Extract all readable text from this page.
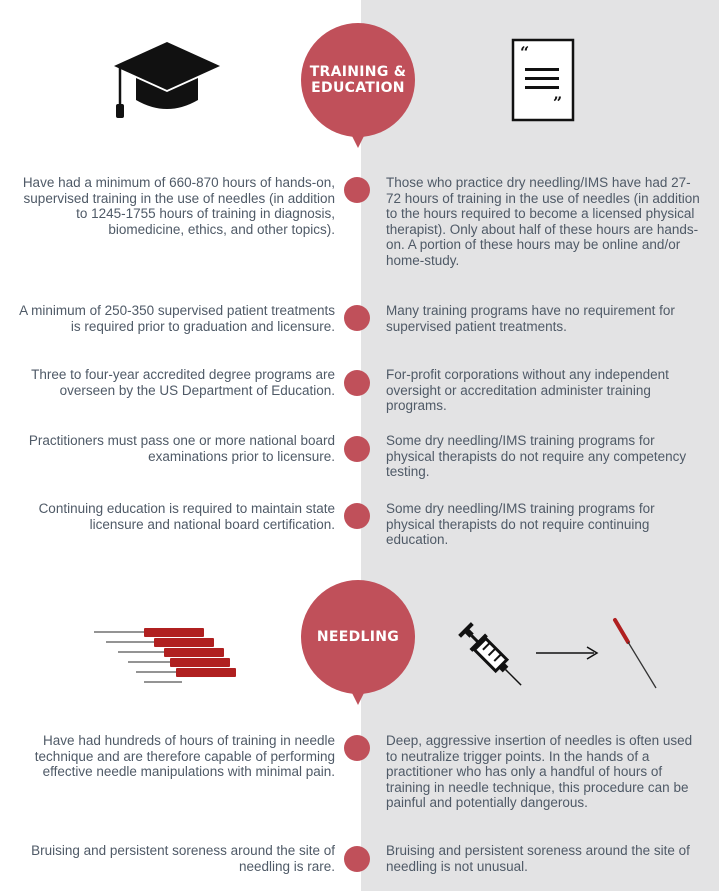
TRAINING & EDUCATION
“
”
Have had a minimum of 660-870 hours of hands-on, supervised training in the use of needles (in addition to 1245-1755 hours of training in diagnosis, biomedicine, ethics, and other topics).
Those who practice dry needling/IMS have had 27-72 hours of training in the use of needles (in addition to the hours required to become a licensed physical therapist). Only about half of these hours are hands-on. A portion of these hours may be online and/or home-study.
A minimum of 250-350 supervised patient treatments is required prior to graduation and licensure.
Many training programs have no requirement for supervised patient treatments.
Three to four-year accredited degree programs are overseen by the US Department of Education.
For-profit corporations without any independent oversight or accreditation administer training programs.
Practitioners must pass one or more national board examinations prior to licensure.
Some dry needling/IMS training programs for physical therapists do not require any competency testing.
Continuing education is required to maintain state licensure and national board certification.
Some dry needling/IMS training programs for physical therapists do not require continuing education.
NEEDLING
Have had hundreds of hours of training in needle technique and are therefore capable of performing effective needle manipulations with minimal pain.
Deep, aggressive insertion of needles is often used to neutralize trigger points. In the hands of a practitioner who has only a handful of hours of training in needle technique, this procedure can be painful and potentially dangerous.
Bruising and persistent soreness around the site of needling is rare.
Bruising and persistent soreness around the site of needling is not unusual.
